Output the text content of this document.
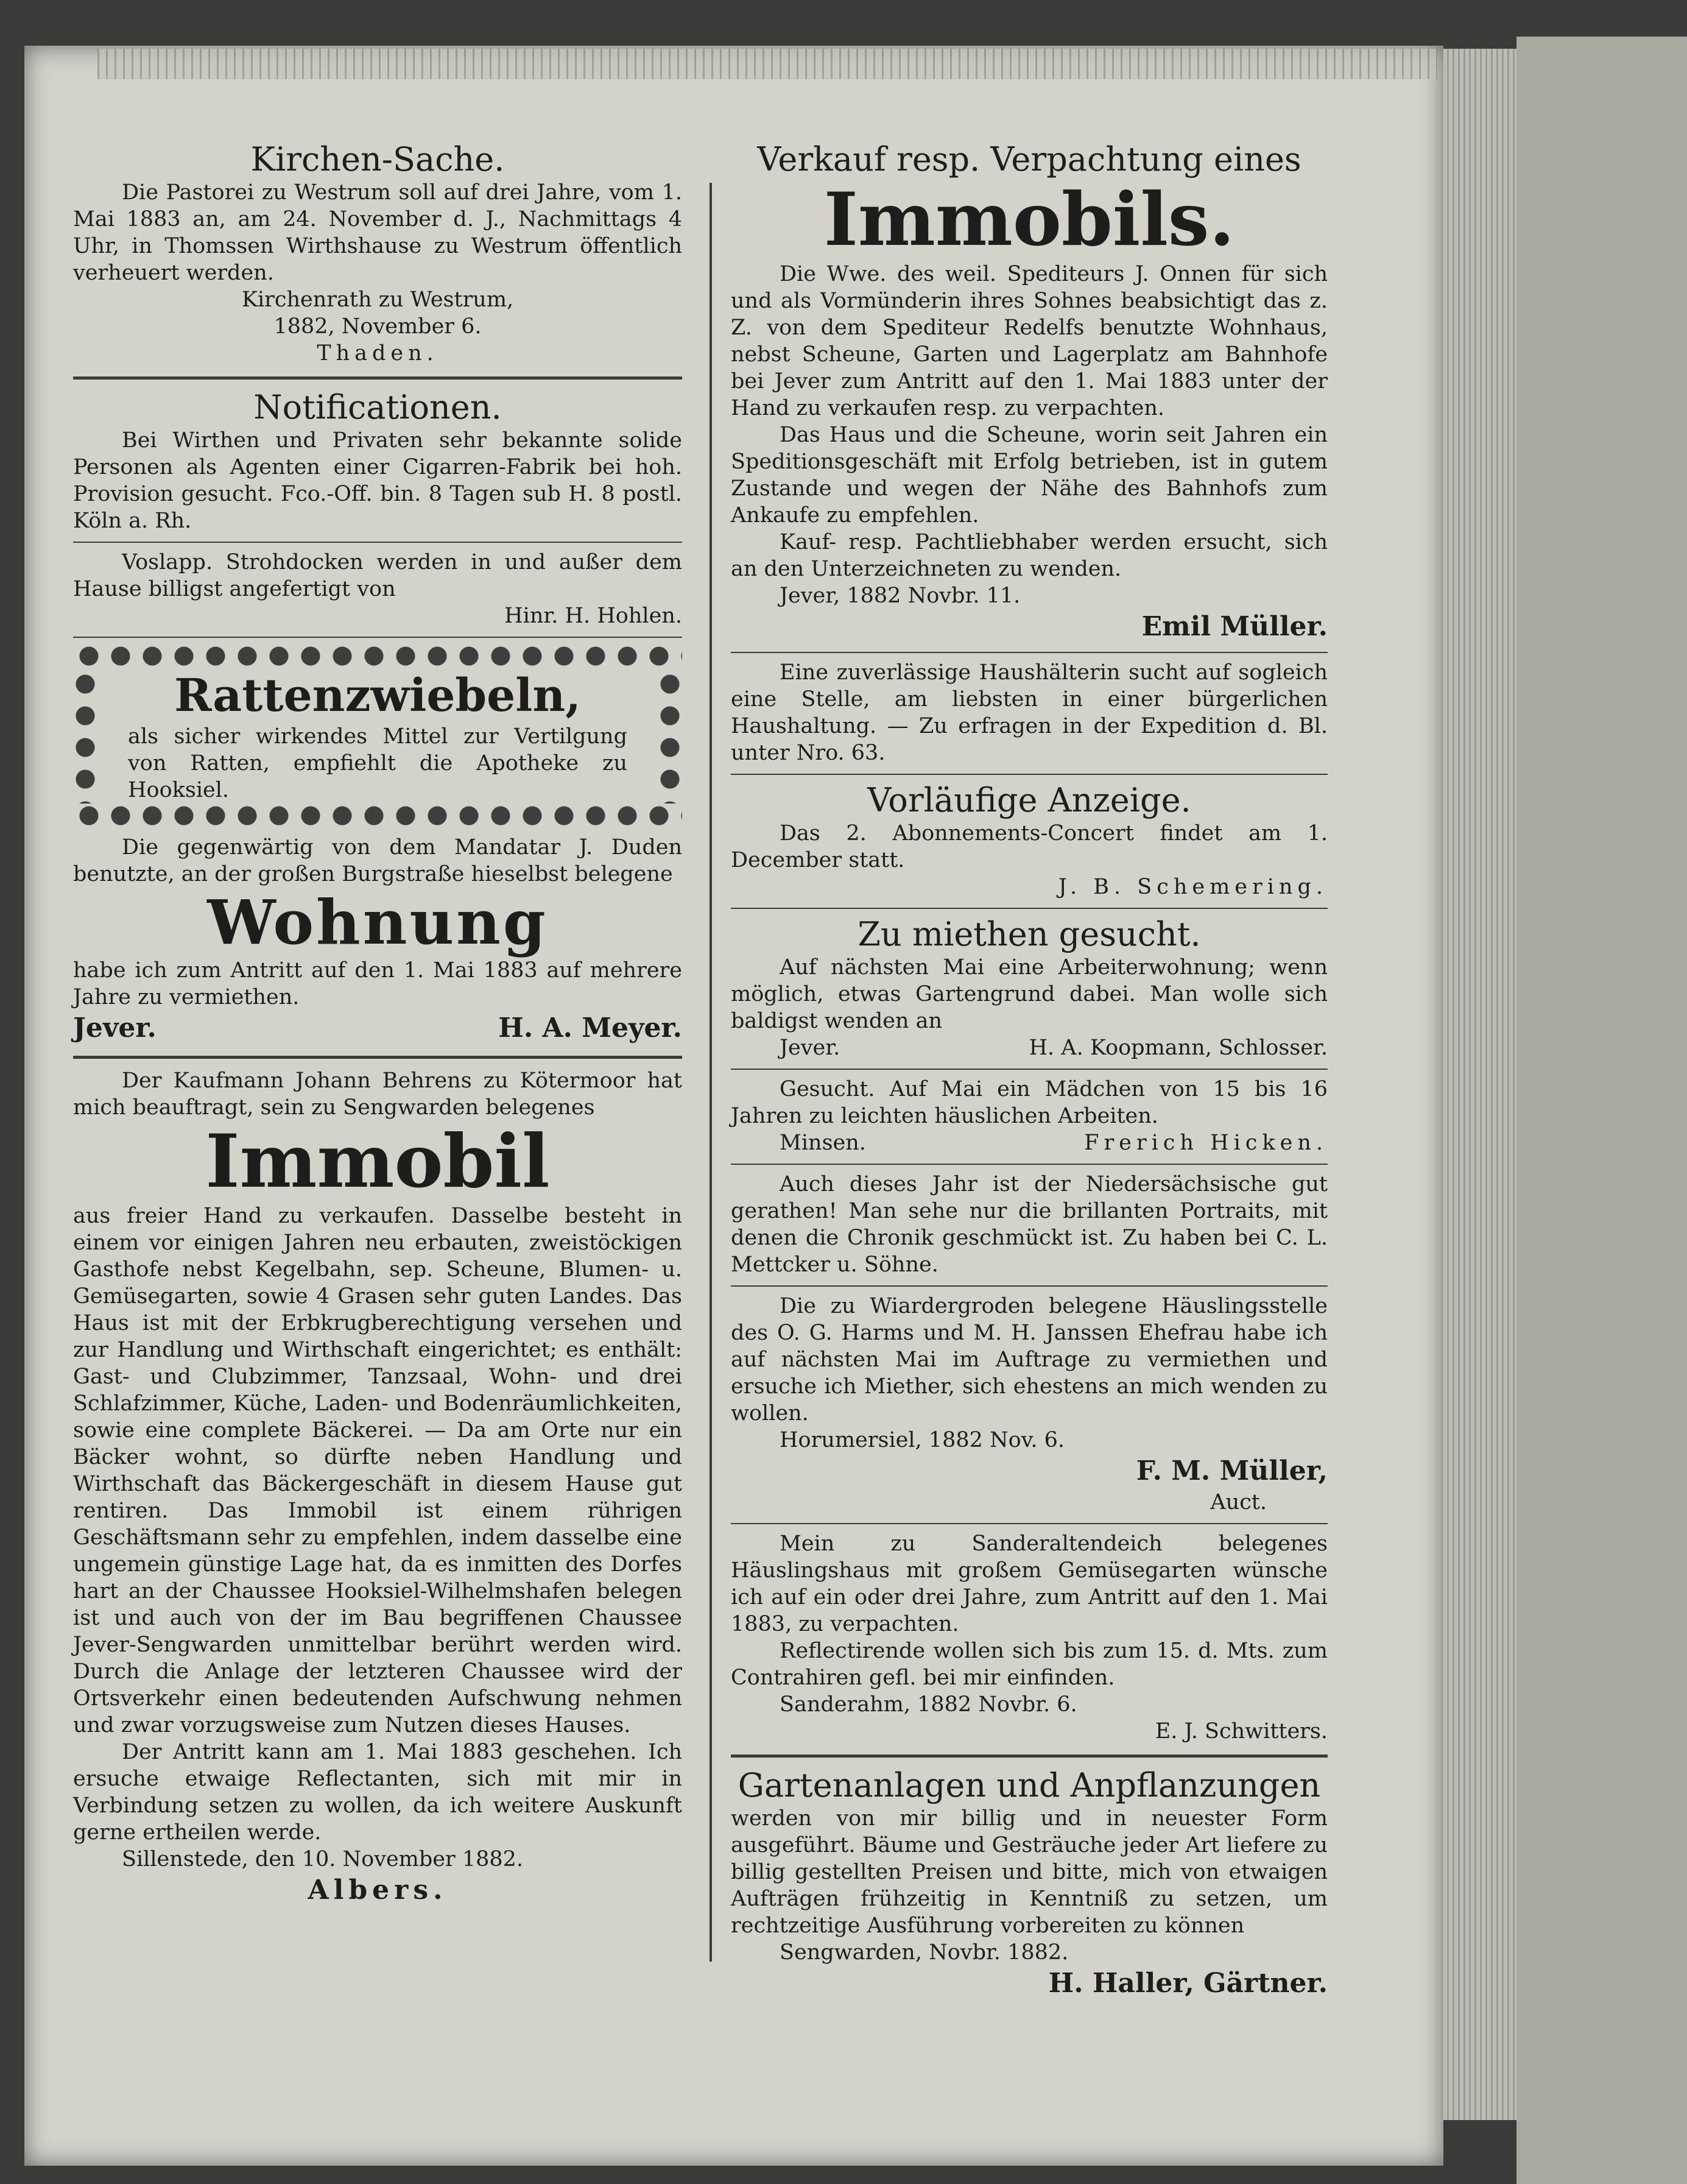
Kirchen-Sache.

Die Pastorei zu Westrum soll auf drei Jahre, vom 1. Mai 1883 an, am 24. November d. J., Nachmittags 4 Uhr, in Thomssen Wirthshause zu Westrum öffentlich verheuert werden.

Kirchenrath zu Westrum,

1882, November 6.

Thaden.

Notificationen.

Bei Wirthen und Privaten sehr bekannte solide Personen als Agenten einer Cigarren-Fabrik bei hoh. Provision gesucht. Fco.-Off. bin. 8 Tagen sub H. 8 postl. Köln a. Rh.

Voslapp. Strohdocken werden in und außer dem Hause billigst angefertigt von

Hinr. H. Hohlen.

Rattenzwiebeln,

als sicher wirkendes Mittel zur Vertilgung von Ratten, empfiehlt die Apotheke zu Hooksiel.

Die gegenwärtig von dem Mandatar J. Duden benutzte, an der großen Burgstraße hieselbst belegene

Wohnung

habe ich zum Antritt auf den 1. Mai 1883 auf mehrere Jahre zu vermiethen.

Jever.	H. A. Meyer.

Der Kaufmann Johann Behrens zu Kötermoor hat mich beauftragt, sein zu Sengwarden belegenes

Immobil

aus freier Hand zu verkaufen. Dasselbe besteht in einem vor einigen Jahren neu erbauten, zweistöckigen Gasthofe nebst Kegelbahn, sep. Scheune, Blumen- u. Gemüsegarten, sowie 4 Grasen sehr guten Landes. Das Haus ist mit der Erbkrugberechtigung versehen und zur Handlung und Wirthschaft eingerichtet; es enthält: Gast- und Clubzimmer, Tanzsaal, Wohn- und drei Schlafzimmer, Küche, Laden- und Bodenräumlichkeiten, sowie eine complete Bäckerei. — Da am Orte nur ein Bäcker wohnt, so dürfte neben Handlung und Wirthschaft das Bäckergeschäft in diesem Hause gut rentiren. Das Immobil ist einem rührigen Geschäftsmann sehr zu empfehlen, indem dasselbe eine ungemein günstige Lage hat, da es inmitten des Dorfes hart an der Chaussee Hooksiel-Wilhelmshafen belegen ist und auch von der im Bau begriffenen Chaussee Jever-Sengwarden unmittelbar berührt werden wird. Durch die Anlage der letzteren Chaussee wird der Ortsverkehr einen bedeutenden Aufschwung nehmen und zwar vorzugsweise zum Nutzen dieses Hauses.

Der Antritt kann am 1. Mai 1883 geschehen. Ich ersuche etwaige Reflectanten, sich mit mir in Verbindung setzen zu wollen, da ich weitere Auskunft gerne ertheilen werde.

Sillenstede, den 10. November 1882.

Albers.

Verkauf resp. Verpachtung eines
Immobils.

Die Wwe. des weil. Spediteurs J. Onnen für sich und als Vormünderin ihres Sohnes beabsichtigt das z. Z. von dem Spediteur Redelfs benutzte Wohnhaus, nebst Scheune, Garten und Lagerplatz am Bahnhofe bei Jever zum Antritt auf den 1. Mai 1883 unter der Hand zu verkaufen resp. zu verpachten.

Das Haus und die Scheune, worin seit Jahren ein Speditionsgeschäft mit Erfolg betrieben, ist in gutem Zustande und wegen der Nähe des Bahnhofs zum Ankaufe zu empfehlen.

Kauf- resp. Pachtliebhaber werden ersucht, sich an den Unterzeichneten zu wenden.

Jever, 1882 Novbr. 11.

Emil Müller.

Eine zuverlässige Haushälterin sucht auf sogleich eine Stelle, am liebsten in einer bürgerlichen Haushaltung. — Zu erfragen in der Expedition d. Bl. unter Nro. 63.

Vorläufige Anzeige.

Das 2. Abonnements-Concert findet am 1. December statt.

J. B. Schemering.

Zu miethen gesucht.

Auf nächsten Mai eine Arbeiterwohnung; wenn möglich, etwas Gartengrund dabei. Man wolle sich baldigst wenden an

Jever.	H. A. Koopmann, Schlosser.

Gesucht. Auf Mai ein Mädchen von 15 bis 16 Jahren zu leichten häuslichen Arbeiten.

Minsen.	Frerich Hicken.

Auch dieses Jahr ist der Niedersächsische gut gerathen! Man sehe nur die brillanten Portraits, mit denen die Chronik geschmückt ist. Zu haben bei C. L. Mettcker u. Söhne.

Die zu Wiardergroden belegene Häuslingsstelle des O. G. Harms und M. H. Janssen Ehefrau habe ich auf nächsten Mai im Auftrage zu vermiethen und ersuche ich Miether, sich ehestens an mich wenden zu wollen.

Horumersiel, 1882 Nov. 6.

F. M. Müller,

Auct.

Mein zu Sanderaltendeich belegenes Häuslingshaus mit großem Gemüsegarten wünsche ich auf ein oder drei Jahre, zum Antritt auf den 1. Mai 1883, zu verpachten.

Reflectirende wollen sich bis zum 15. d. Mts. zum Contrahiren gefl. bei mir einfinden.

Sanderahm, 1882 Novbr. 6.

E. J. Schwitters.

Gartenanlagen und Anpflanzungen

werden von mir billig und in neuester Form ausgeführt. Bäume und Gesträuche jeder Art liefere zu billig gestellten Preisen und bitte, mich von etwaigen Aufträgen frühzeitig in Kenntniß zu setzen, um rechtzeitige Ausführung vorbereiten zu können

Sengwarden, Novbr. 1882.

H. Haller, Gärtner.
